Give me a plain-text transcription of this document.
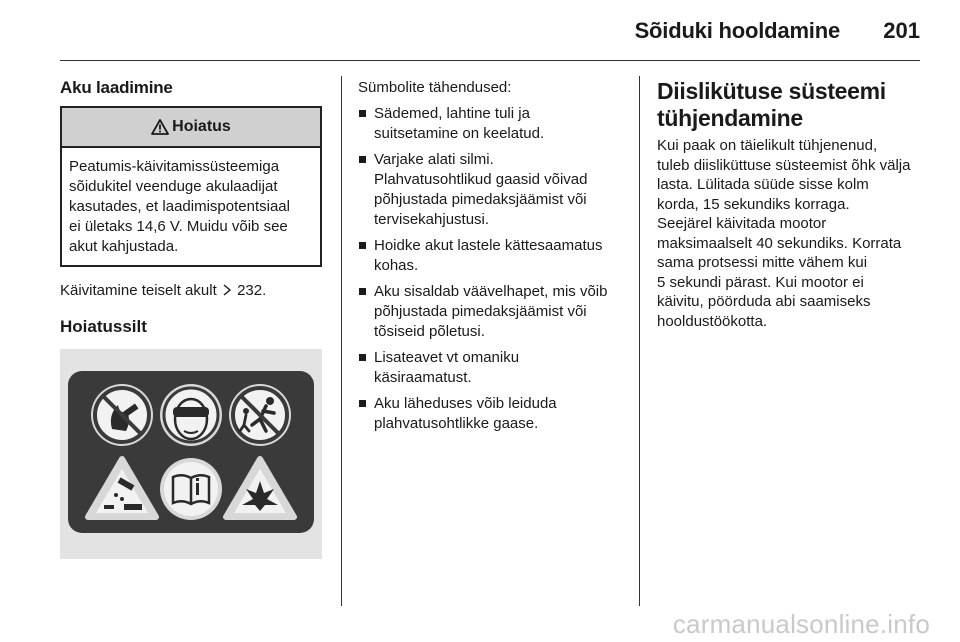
Sõiduki hooldamine 201
Aku laadimine
Hoiatus
Peatumis-käivitamissüsteemiga
sõidukitel veenduge akulaadijat
kasutades, et laadimispotentsiaal
ei ületaks 14,6 V. Muidu võib see
akut kahjustada.

Käivitamine teiselt akult 232.

Hoiatussilt

Sümbolite tähendused:

Sädemed, lahtine tuli ja
suitsetamine on keelatud.
Varjake alati silmi.
Plahvatusohtlikud gaasid võivad
põhjustada pimedaksjäämist või
tervisekahjustusi.
Hoidke akut lastele kättesaamatus
kohas.
Aku sisaldab väävelhapet, mis võib
põhjustada pimedaksjäämist või
tõsiseid põletusi.
Lisateavet vt omaniku
käsiraamatust.
Aku läheduses võib leiduda
plahvatusohtlikke gaase.
Diislikütuse süsteemi
tühjendamine

Kui paak on täielikult tühjenenud,
tuleb diisliküttuse süsteemist õhk välja
lasta. Lülitada süüde sisse kolm
korda, 15 sekundiks korraga.
Seejärel käivitada mootor
maksimaalselt 40 sekundiks. Korrata
sama protsessi mitte vähem kui
5 sekundi pärast. Kui mootor ei
käivitu, pöörduda abi saamiseks
hooldustöökotta.

carmanualsonline.info
